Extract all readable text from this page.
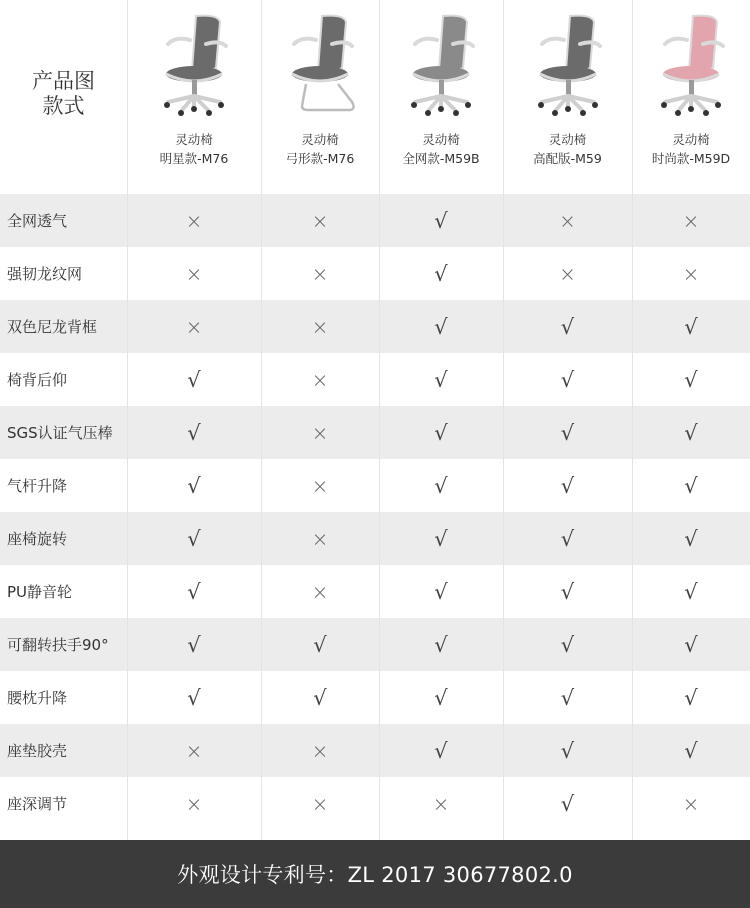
产品图
款式
灵动椅
明星款-M76
灵动椅
弓形款-M76
灵动椅
全网款-M59B
灵动椅
高配版-M59
灵动椅
时尚款-M59D
全网透气	×	×	√	×	×
强韧龙纹网	×	×	√	×	×
双色尼龙背框	×	×	√	√	√
椅背后仰	√	×	√	√	√
SGS认证气压棒	√	×	√	√	√
气杆升降	√	×	√	√	√
座椅旋转	√	×	√	√	√
PU静音轮	√	×	√	√	√
可翻转扶手90°	√	√	√	√	√
腰枕升降	√	√	√	√	√
座垫胶壳	×	×	√	√	√
座深调节	×	×	×	√	×
外观设计专利号：ZL 2017 30677802.0
